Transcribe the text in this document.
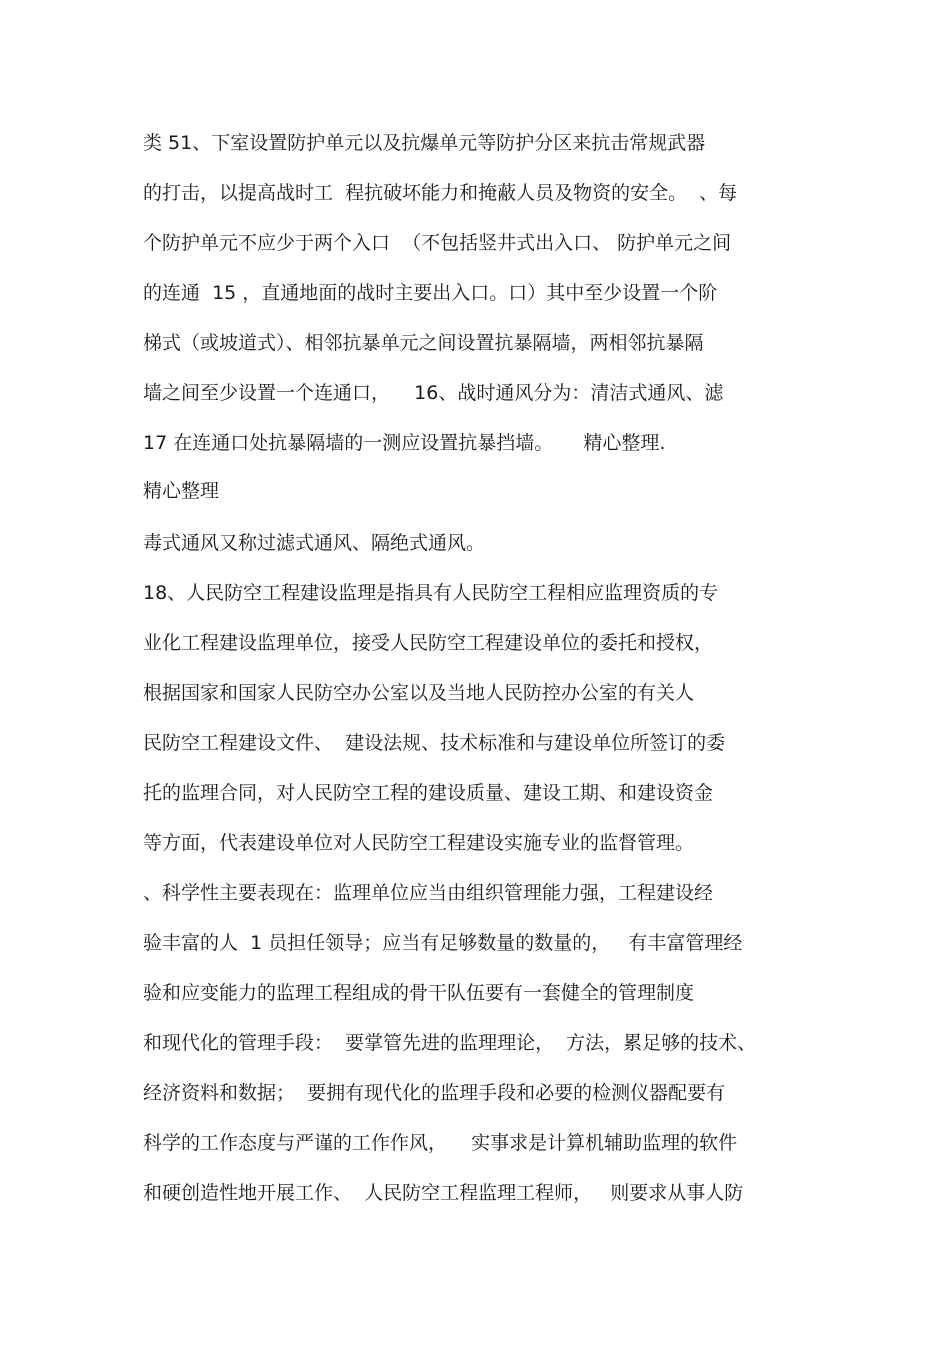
类 51、下室设置防护单元以及抗爆单元等防护分区来抗击常规武器
的打击，以提高战时工  程抗破坏能力和掩蔽人员及物资的安全。  、每
个防护单元不应少于两个入口  （不包括竖井式出入口、 防护单元之间
的连通  15 ，直通地面的战时主要出入口。口）其中至少设置一个阶
梯式（或坡道式）、相邻抗暴单元之间设置抗暴隔墙，两相邻抗暴隔
墙之间至少设置一个连通口，    16、战时通风分为：清洁式通风、滤
17 在连通口处抗暴隔墙的一测应设置抗暴挡墙。     精心整理.
精心整理
毒式通风又称过滤式通风、隔绝式通风。
18、人民防空工程建设监理是指具有人民防空工程相应监理资质的专
业化工程建设监理单位，接受人民防空工程建设单位的委托和授权，
根据国家和国家人民防空办公室以及当地人民防控办公室的有关人
民防空工程建设文件、  建设法规、技术标准和与建设单位所签订的委
托的监理合同，对人民防空工程的建设质量、建设工期、和建设资金
等方面，代表建设单位对人民防空工程建设实施专业的监督管理。
、科学性主要表现在：监理单位应当由组织管理能力强，工程建设经
验丰富的人  1 员担任领导；应当有足够数量的数量的，   有丰富管理经
验和应变能力的监理工程组成的骨干队伍要有一套健全的管理制度
和现代化的管理手段：  要掌管先进的监理理论，  方法，累足够的技术、
经济资料和数据；  要拥有现代化的监理手段和必要的检测仪器配要有
科学的工作态度与严谨的工作作风，    实事求是计算机辅助监理的软件
和硬创造性地开展工作、  人民防空工程监理工程师，   则要求从事人防
